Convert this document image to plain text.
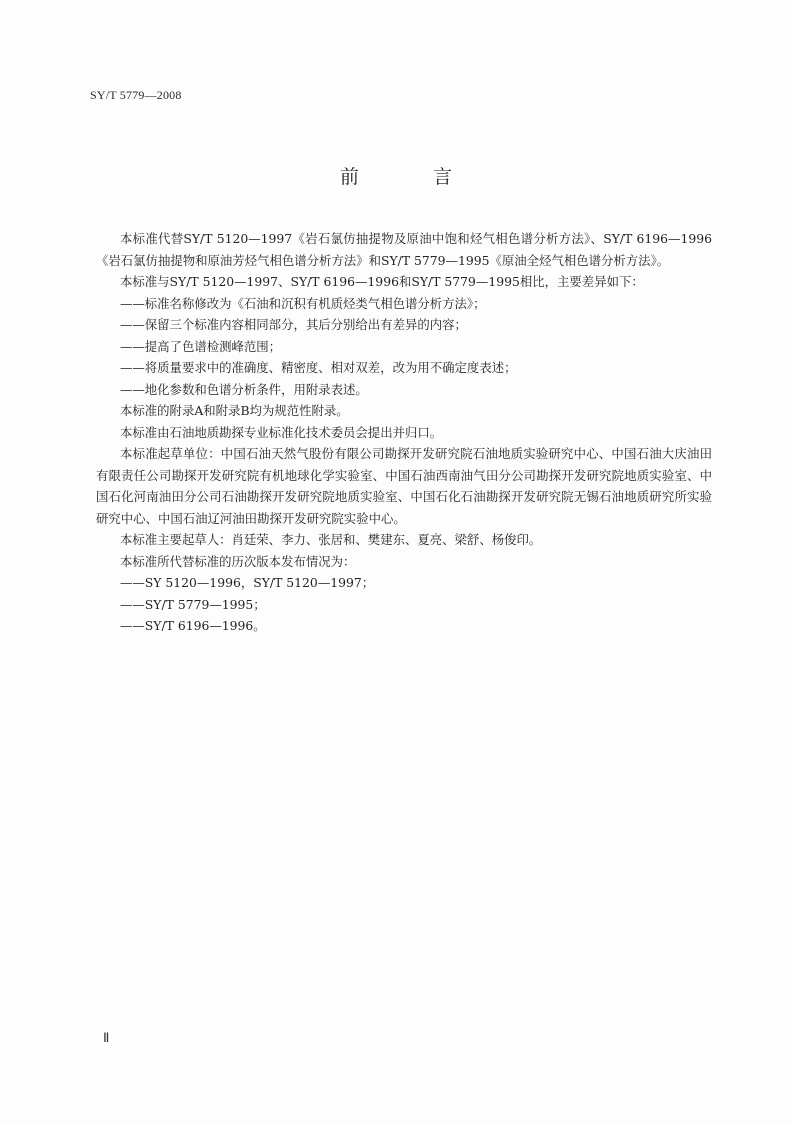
SY/T 5779—2008
前 言

本标准代替SY/T 5120—1997《岩石氯仿抽提物及原油中饱和烃气相色谱分析方法》、SY/T 6196—1996《岩石氯仿抽提物和原油芳烃气相色谱分析方法》和SY/T 5779—1995《原油全烃气相色谱分析方法》。

本标准与SY/T 5120—1997、SY/T 6196—1996和SY/T 5779—1995相比，主要差异如下：

——标准名称修改为《石油和沉积有机质烃类气相色谱分析方法》；

——保留三个标准内容相同部分，其后分别给出有差异的内容；

——提高了色谱检测峰范围；

——将质量要求中的准确度、精密度、相对双差，改为用不确定度表述；

——地化参数和色谱分析条件，用附录表述。

本标准的附录A和附录B均为规范性附录。

本标准由石油地质勘探专业标准化技术委员会提出并归口。

本标准起草单位：中国石油天然气股份有限公司勘探开发研究院石油地质实验研究中心、中国石油大庆油田有限责任公司勘探开发研究院有机地球化学实验室、中国石油西南油气田分公司勘探开发研究院地质实验室、中国石化河南油田分公司石油勘探开发研究院地质实验室、中国石化石油勘探开发研究院无锡石油地质研究所实验研究中心、中国石油辽河油田勘探开发研究院实验中心。

本标准主要起草人：肖廷荣、李力、张居和、樊建东、夏亮、梁舒、杨俊印。

本标准所代替标准的历次版本发布情况为：

——SY 5120—1996，SY/T 5120—1997；

——SY/T 5779—1995；

——SY/T 6196—1996。

Ⅱ
